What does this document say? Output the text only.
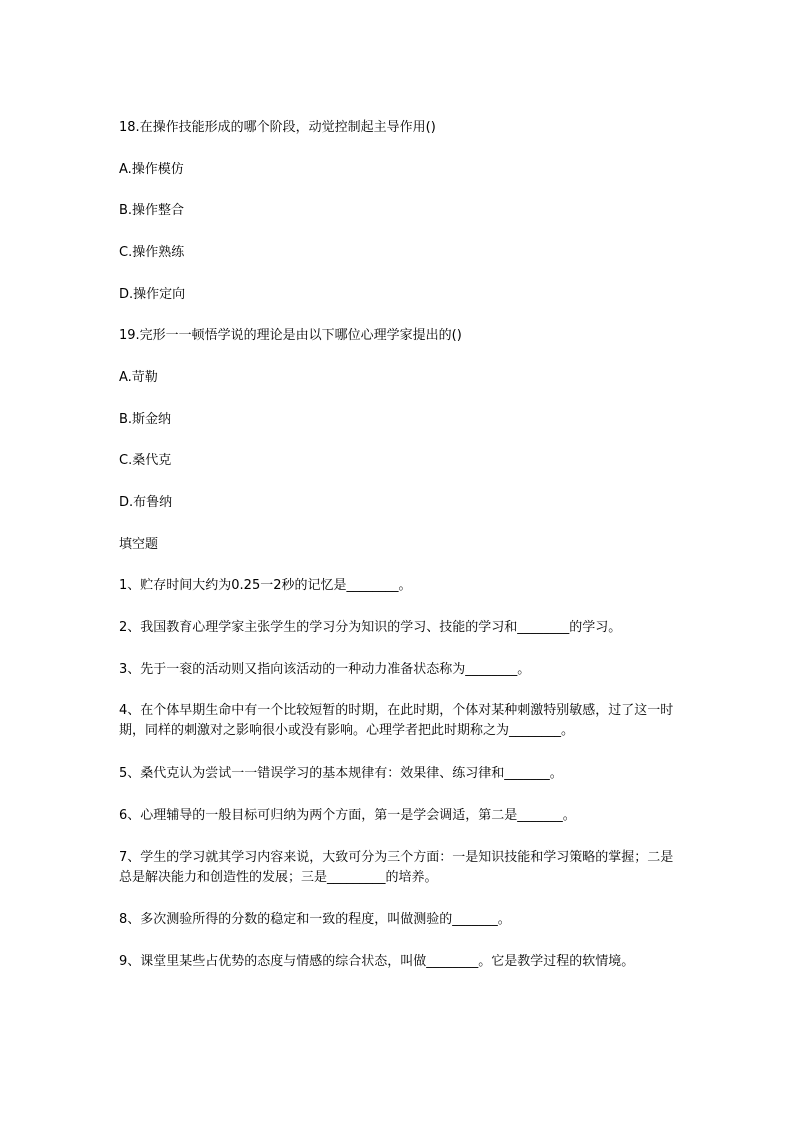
18.在操作技能形成的哪个阶段，动觉控制起主导作用()
A.操作模仿
B.操作整合
C.操作熟练
D.操作定向
19.完形一一顿悟学说的理论是由以下哪位心理学家提出的()
A.苛勒
B.斯金纳
C.桑代克
D.布鲁纳
填空题
1、贮存时间大约为0.25一2秒的记忆是________。
2、我国教育心理学家主张学生的学习分为知识的学习、技能的学习和________的学习。
3、先于一衮的活动则又指向该活动的一种动力准备状态称为________。
4、在个体早期生命中有一个比较短暂的时期，在此时期，个体对某种刺激特别敏感，过了这一时期，同样的刺激对之影响很小或没有影响。心理学者把此时期称之为________。
5、桑代克认为尝试一一错误学习的基本规律有：效果律、练习律和_______。
6、心理辅导的一般目标可归纳为两个方面，第一是学会调适，第二是_______。
7、学生的学习就其学习内容来说，大致可分为三个方面：一是知识技能和学习策略的掌握；二是总是解决能力和创造性的发展；三是_________的培养。
8、多次测验所得的分数的稳定和一致的程度，叫做测验的_______。
9、课堂里某些占优势的态度与情感的综合状态，叫做________。它是教学过程的软情境。
